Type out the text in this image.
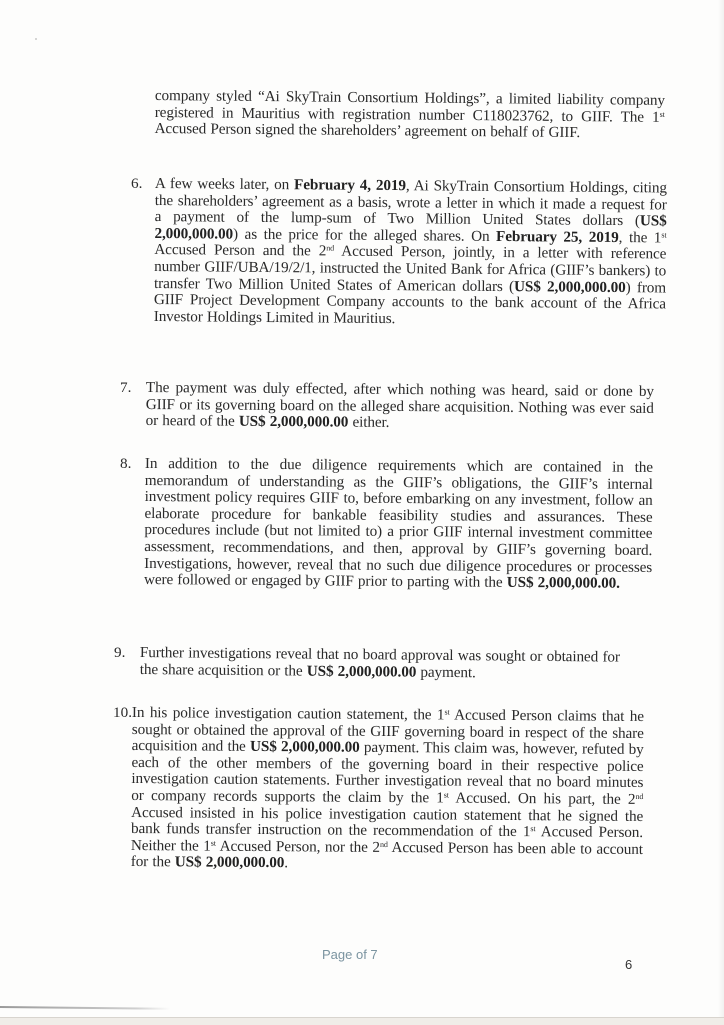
company styled “Ai SkyTrain Consortium Holdings”, a limited liability company registered in Mauritius with registration number C118023762, to GIIF. The 1st Accused Person signed the shareholders’ agreement on behalf of GIIF.
6. A few weeks later, on February 4, 2019, Ai SkyTrain Consortium Holdings, citing the shareholders’ agreement as a basis, wrote a letter in which it made a request for a payment of the lump-sum of Two Million United States dollars (US$ 2,000,000.00) as the price for the alleged shares. On February 25, 2019, the 1st Accused Person and the 2nd Accused Person, jointly, in a letter with reference number GIIF/UBA/19/2/1, instructed the United Bank for Africa (GIIF’s bankers) to transfer Two Million United States of American dollars (US$ 2,000,000.00) from GIIF Project Development Company accounts to the bank account of the Africa Investor Holdings Limited in Mauritius.
7. The payment was duly effected, after which nothing was heard, said or done by GIIF or its governing board on the alleged share acquisition. Nothing was ever said or heard of the US$ 2,000,000.00 either.
8. In addition to the due diligence requirements which are contained in the memorandum of understanding as the GIIF’s obligations, the GIIF’s internal investment policy requires GIIF to, before embarking on any investment, follow an elaborate procedure for bankable feasibility studies and assurances. These procedures include (but not limited to) a prior GIIF internal investment committee assessment, recommendations, and then, approval by GIIF’s governing board. Investigations, however, reveal that no such due diligence procedures or processes were followed or engaged by GIIF prior to parting with the US$ 2,000,000.00.
9. Further investigations reveal that no board approval was sought or obtained for the share acquisition or the US$ 2,000,000.00 payment.
10. In his police investigation caution statement, the 1st Accused Person claims that he sought or obtained the approval of the GIIF governing board in respect of the share acquisition and the US$ 2,000,000.00 payment. This claim was, however, refuted by each of the other members of the governing board in their respective police investigation caution statements. Further investigation reveal that no board minutes or company records supports the claim by the 1st Accused. On his part, the 2nd Accused insisted in his police investigation caution statement that he signed the bank funds transfer instruction on the recommendation of the 1st Accused Person. Neither the 1st Accused Person, nor the 2nd Accused Person has been able to account for the US$ 2,000,000.00.
Page of 7
6
